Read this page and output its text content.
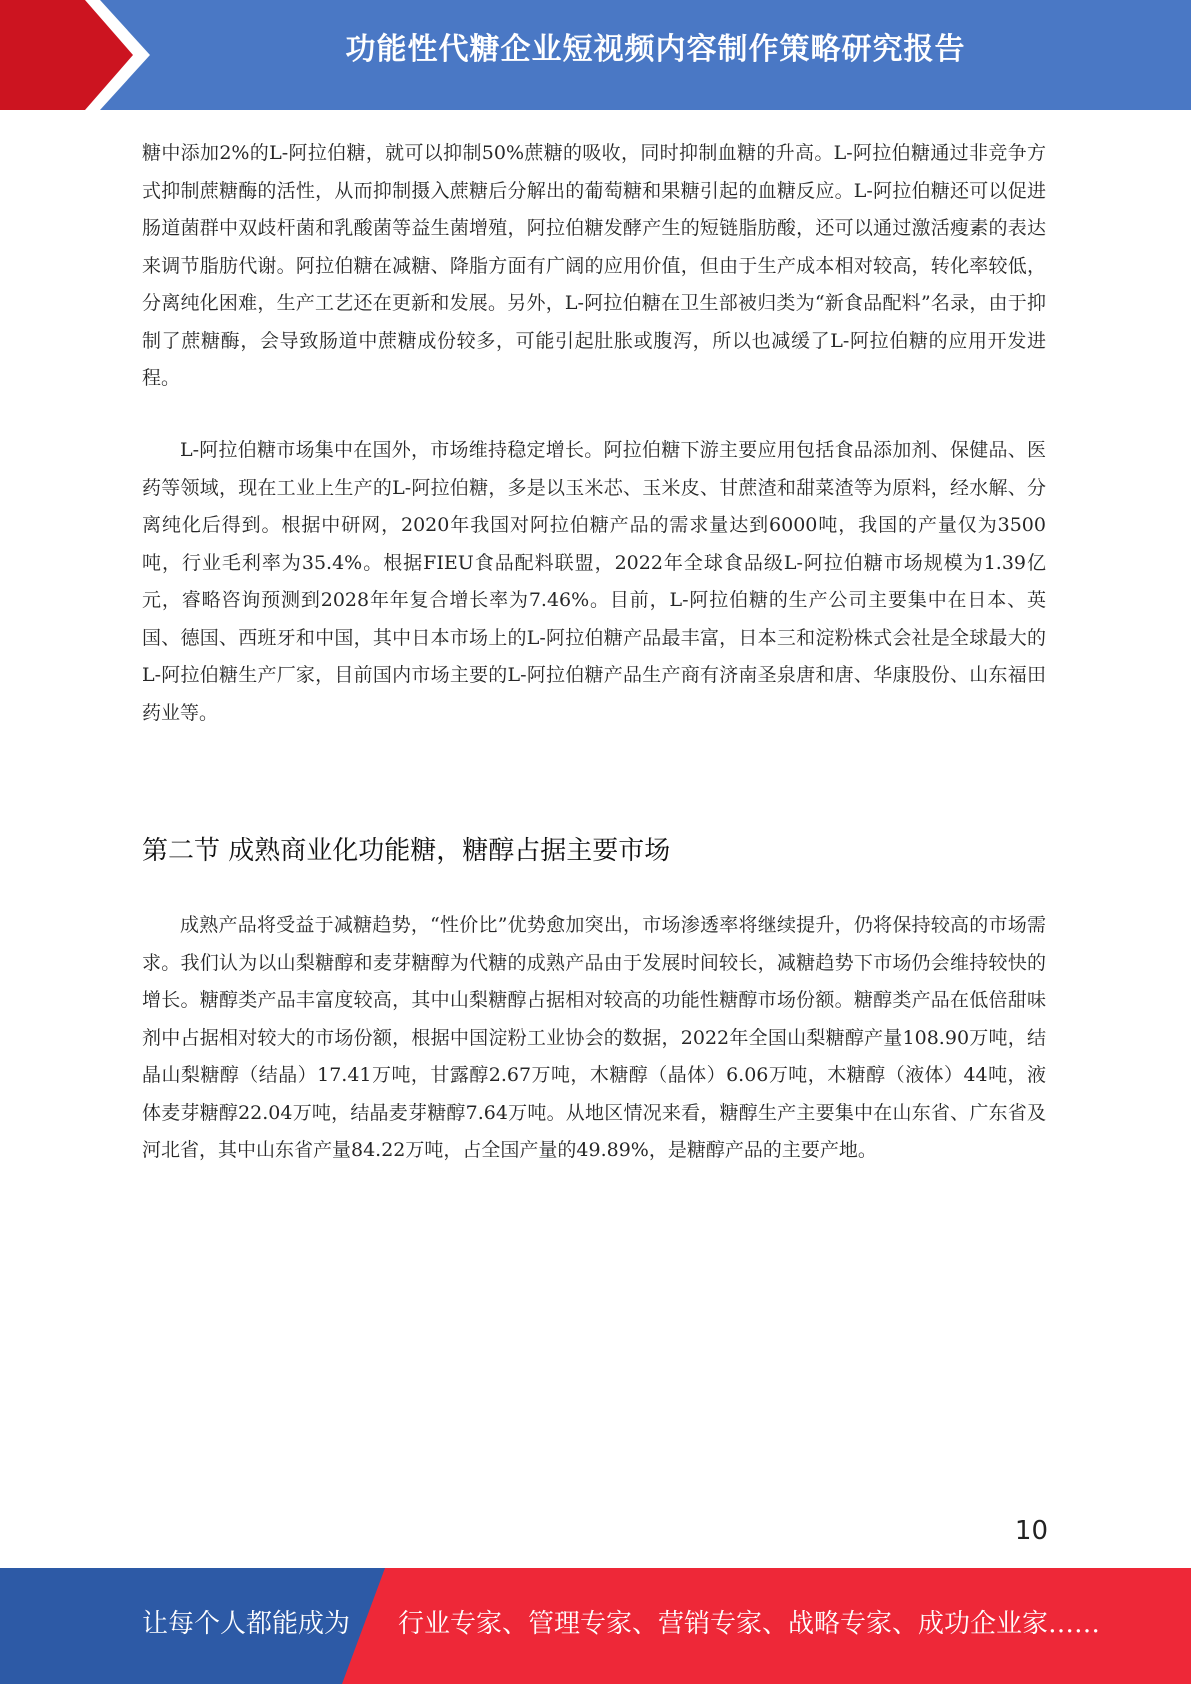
功能性代糖企业短视频内容制作策略研究报告

糖中添加2%的L-阿拉伯糖，就可以抑制50%蔗糖的吸收，同时抑制血糖的升高。L-阿拉伯糖通过非竞争方式抑制蔗糖酶的活性，从而抑制摄入蔗糖后分解出的葡萄糖和果糖引起的血糖反应。L-阿拉伯糖还可以促进肠道菌群中双歧杆菌和乳酸菌等益生菌增殖，阿拉伯糖发酵产生的短链脂肪酸，还可以通过激活瘦素的表达来调节脂肪代谢。阿拉伯糖在减糖、降脂方面有广阔的应用价值，但由于生产成本相对较高，转化率较低，分离纯化困难，生产工艺还在更新和发展。另外，L-阿拉伯糖在卫生部被归类为“新食品配料”名录，由于抑制了蔗糖酶，会导致肠道中蔗糖成份较多，可能引起肚胀或腹泻，所以也减缓了L-阿拉伯糖的应用开发进程。

L-阿拉伯糖市场集中在国外，市场维持稳定增长。阿拉伯糖下游主要应用包括食品添加剂、保健品、医药等领域，现在工业上生产的L-阿拉伯糖，多是以玉米芯、玉米皮、甘蔗渣和甜菜渣等为原料，经水解、分离纯化后得到。根据中研网，2020年我国对阿拉伯糖产品的需求量达到6000吨，我国的产量仅为3500吨，行业毛利率为35.4%。根据FIEU食品配料联盟，2022年全球食品级L-阿拉伯糖市场规模为1.39亿元，睿略咨询预测到2028年年复合增长率为7.46%。目前，L-阿拉伯糖的生产公司主要集中在日本、英国、德国、西班牙和中国，其中日本市场上的L-阿拉伯糖产品最丰富，日本三和淀粉株式会社是全球最大的L-阿拉伯糖生产厂家，目前国内市场主要的L-阿拉伯糖产品生产商有济南圣泉唐和唐、华康股份、山东福田药业等。

第二节 成熟商业化功能糖，糖醇占据主要市场

成熟产品将受益于减糖趋势，“性价比”优势愈加突出，市场渗透率将继续提升，仍将保持较高的市场需求。我们认为以山梨糖醇和麦芽糖醇为代糖的成熟产品由于发展时间较长，减糖趋势下市场仍会维持较快的增长。糖醇类产品丰富度较高，其中山梨糖醇占据相对较高的功能性糖醇市场份额。糖醇类产品在低倍甜味剂中占据相对较大的市场份额，根据中国淀粉工业协会的数据，2022年全国山梨糖醇产量108.90万吨，结晶山梨糖醇（结晶）17.41万吨，甘露醇2.67万吨，木糖醇（晶体）6.06万吨，木糖醇（液体）44吨，液体麦芽糖醇22.04万吨，结晶麦芽糖醇7.64万吨。从地区情况来看，糖醇生产主要集中在山东省、广东省及河北省，其中山东省产量84.22万吨，占全国产量的49.89%，是糖醇产品的主要产地。

10
让每个人都能成为 行业专家、管理专家、营销专家、战略专家、成功企业家……
